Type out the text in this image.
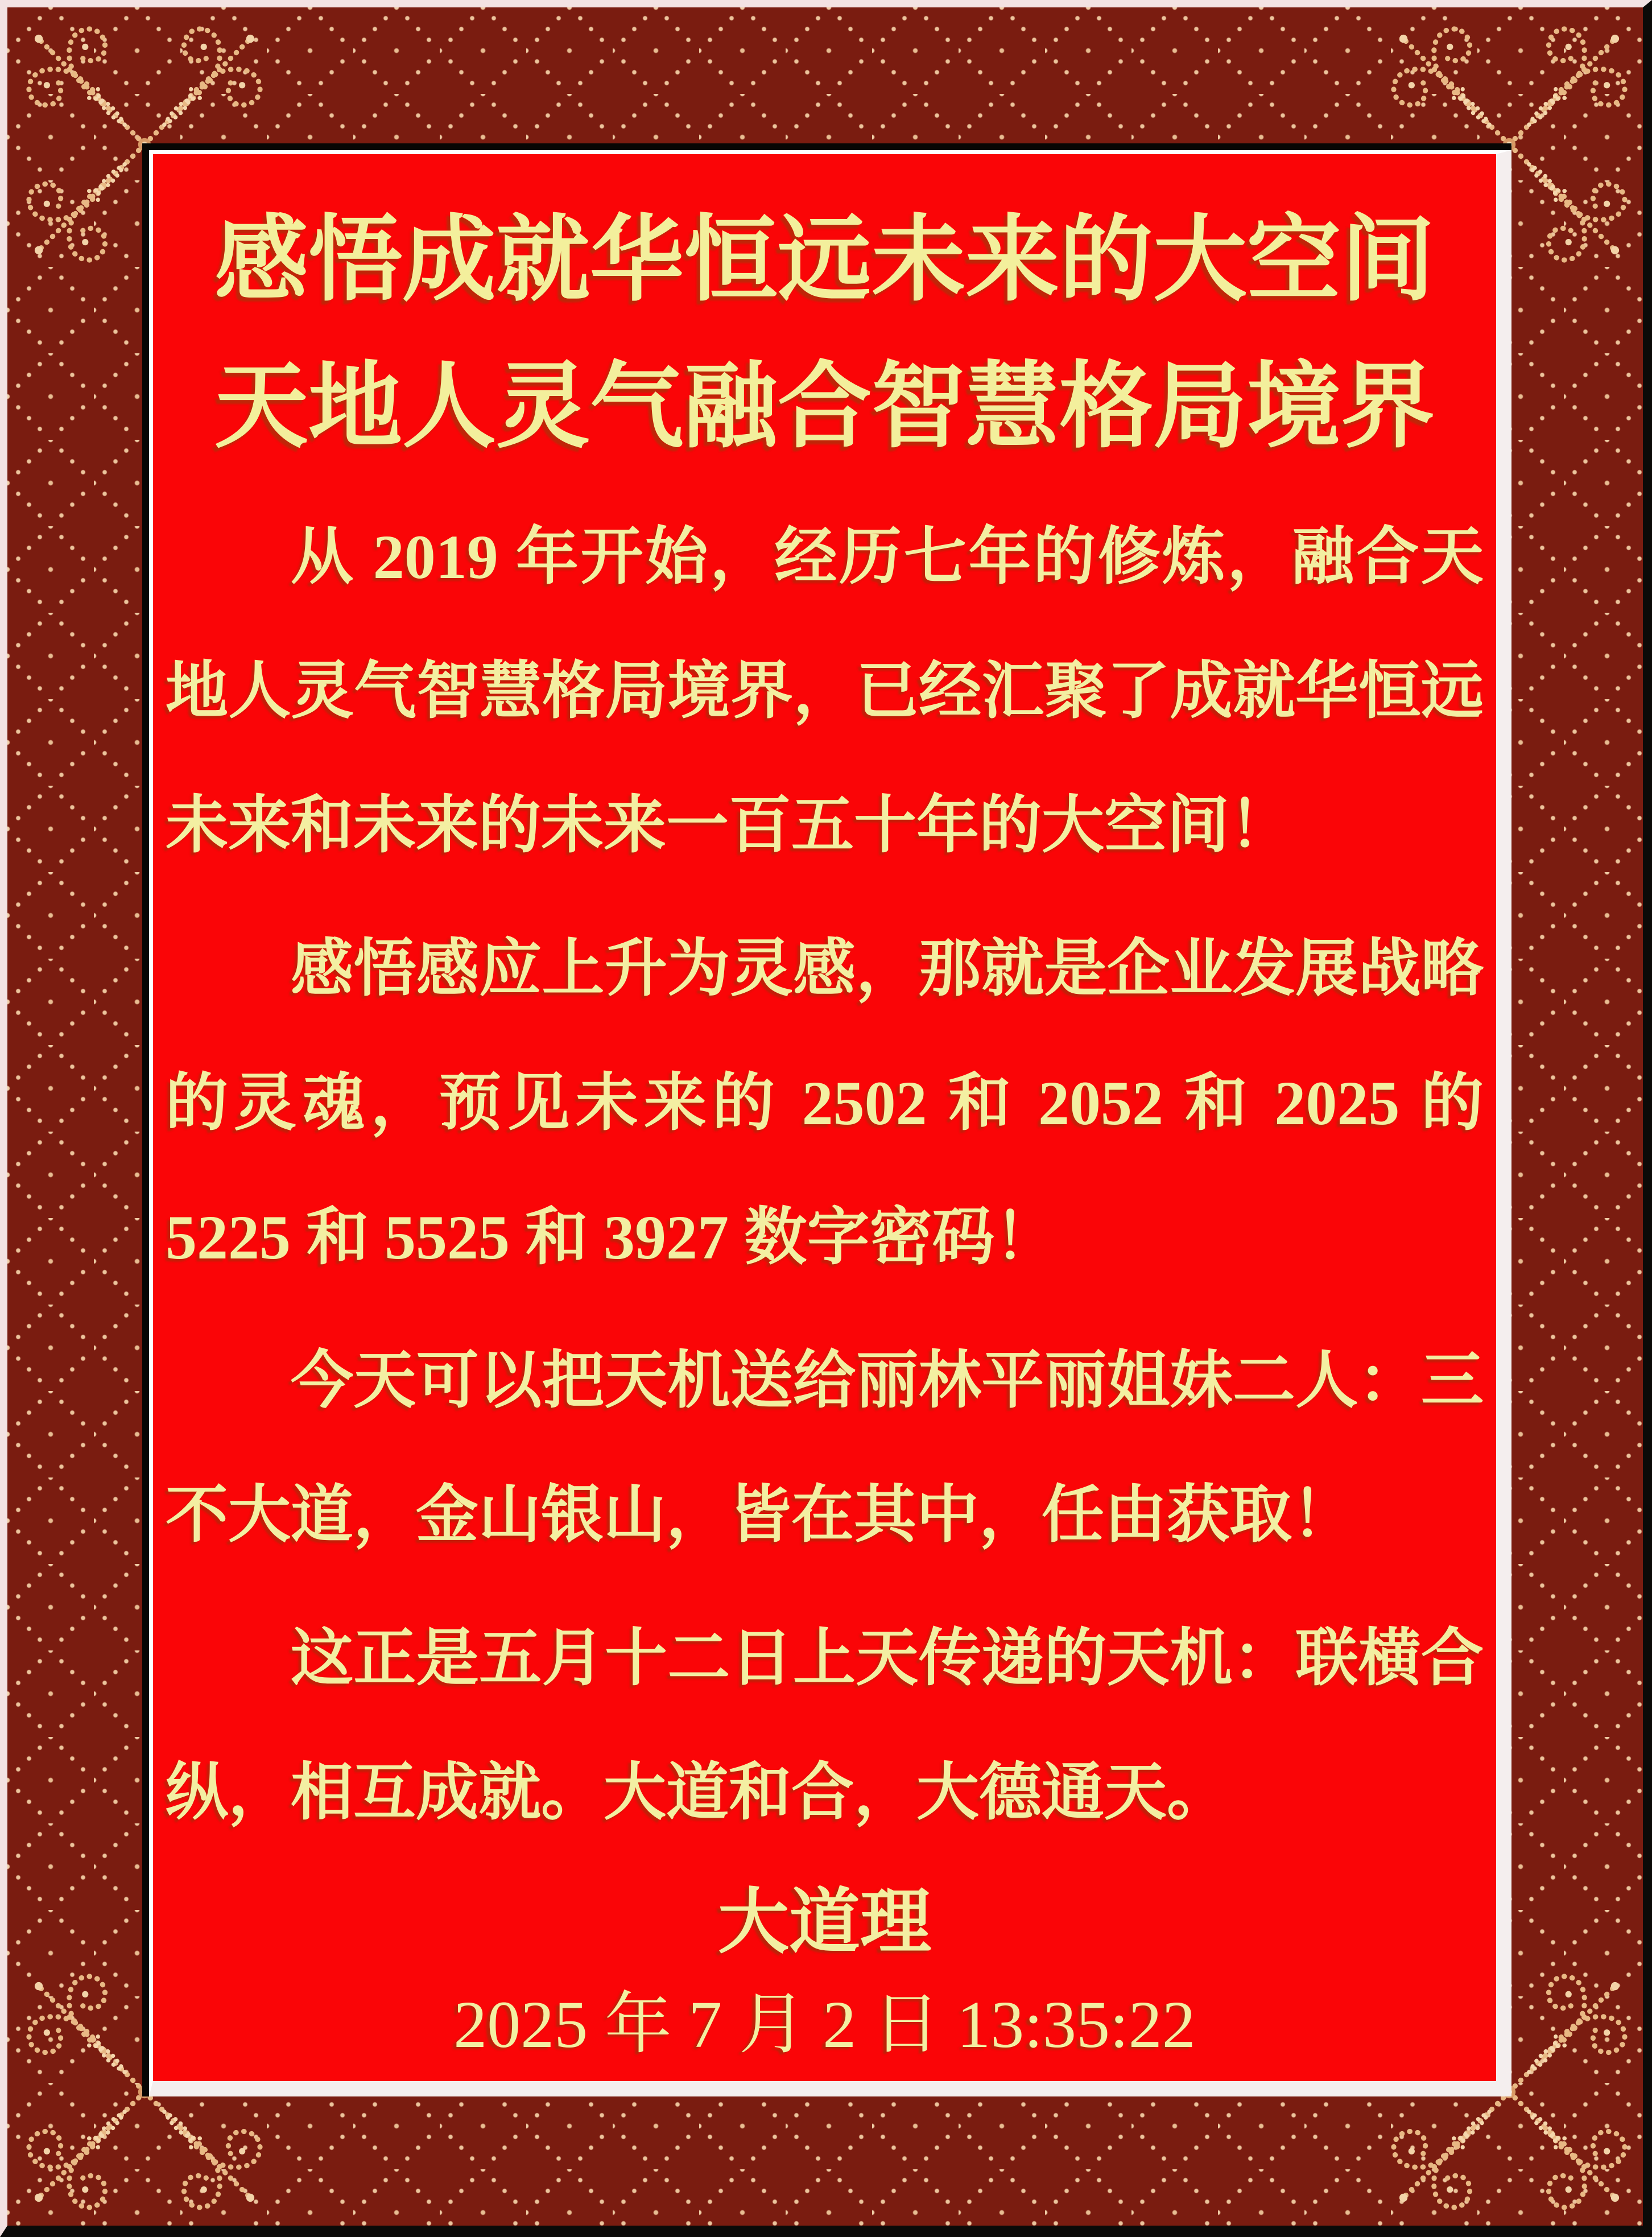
感悟成就华恒远未来的大空间
天地人灵气融合智慧格局境界
从 2019 年开始，经历七年的修炼，融合天
地人灵气智慧格局境界，已经汇聚了成就华恒远
未来和未来的未来一百五十年的大空间！
感悟感应上升为灵感，那就是企业发展战略
的灵魂，预见未来的 2502 和 2052 和 2025 的
5225 和 5525 和 3927 数字密码！
今天可以把天机送给丽林平丽姐妹二人：三
不大道，金山银山，皆在其中，任由获取！
这正是五月十二日上天传递的天机：联横合
纵，相互成就。大道和合，大德通天。
大道理
2025 年 7 月 2 日 13:35:22
